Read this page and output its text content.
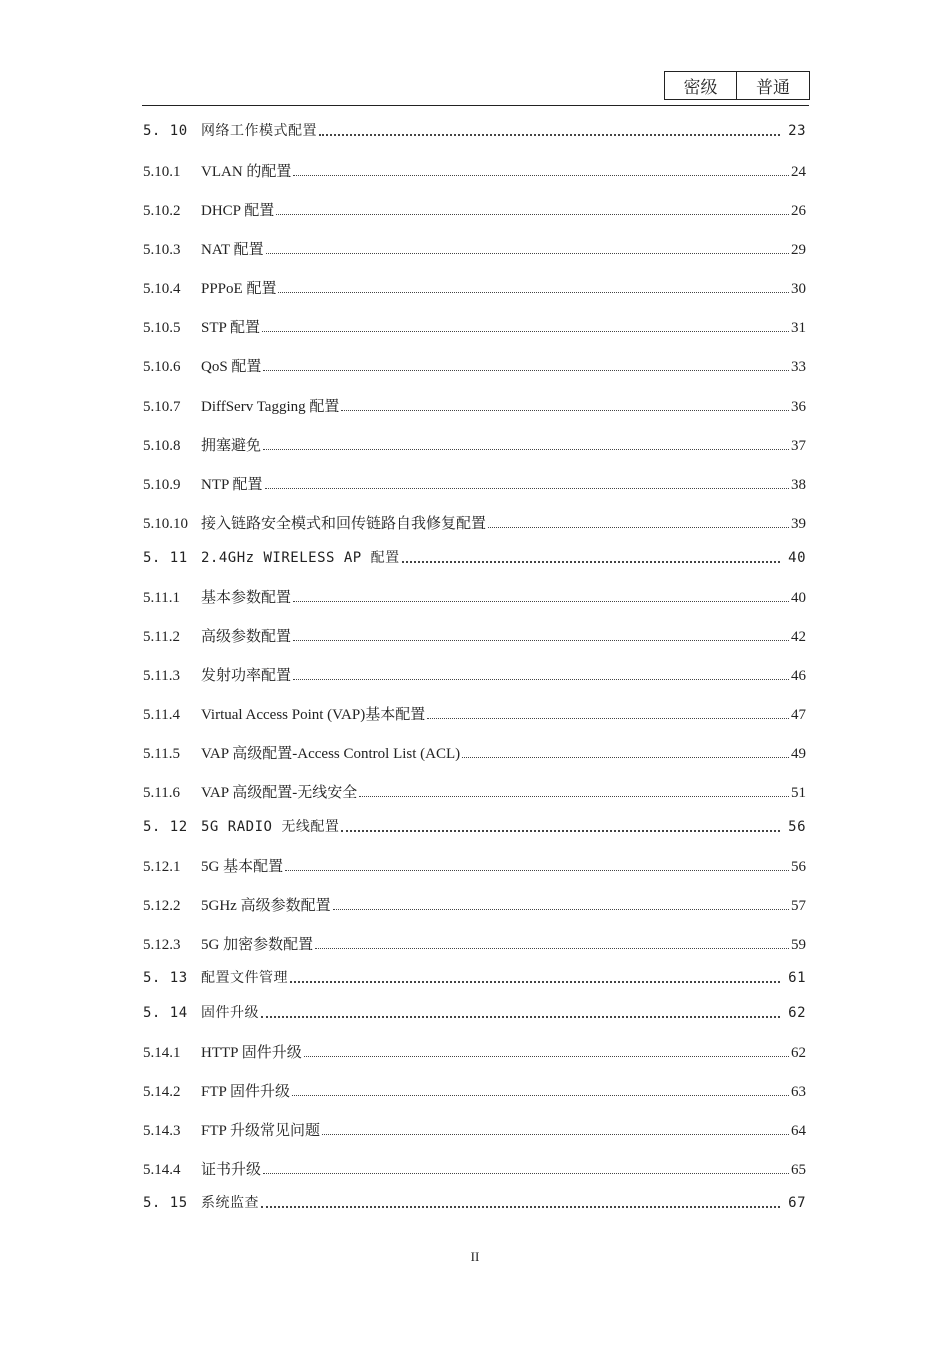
密级	普通
5. 10 网络工作模式配置	23
5.10.1	VLAN 的配置	24
5.10.2	DHCP 配置	26
5.10.3	NAT 配置	29
5.10.4	PPPoE 配置	30
5.10.5	STP 配置	31
5.10.6	QoS 配置	33
5.10.7	DiffServ Tagging 配置	36
5.10.8	拥塞避免	37
5.10.9	NTP 配置	38
5.10.10 接入链路安全模式和回传链路自我修复配置	39
5. 11 2.4GHz WIRELESS AP 配置	40
5.11.1	基本参数配置	40
5.11.2	高级参数配置	42
5.11.3	发射功率配置	46
5.11.4	Virtual Access Point (VAP)基本配置	47
5.11.5	VAP 高级配置-Access Control List (ACL)	49
5.11.6	VAP 高级配置-无线安全	51
5. 12 5G RADIO 无线配置	56
5.12.1	5G 基本配置	56
5.12.2	5GHz 高级参数配置	57
5.12.3	5G 加密参数配置	59
5. 13 配置文件管理	61
5. 14 固件升级	62
5.14.1	HTTP 固件升级	62
5.14.2	FTP 固件升级	63
5.14.3	FTP 升级常见问题	64
5.14.4	证书升级	65
5. 15 系统监查	67
II
